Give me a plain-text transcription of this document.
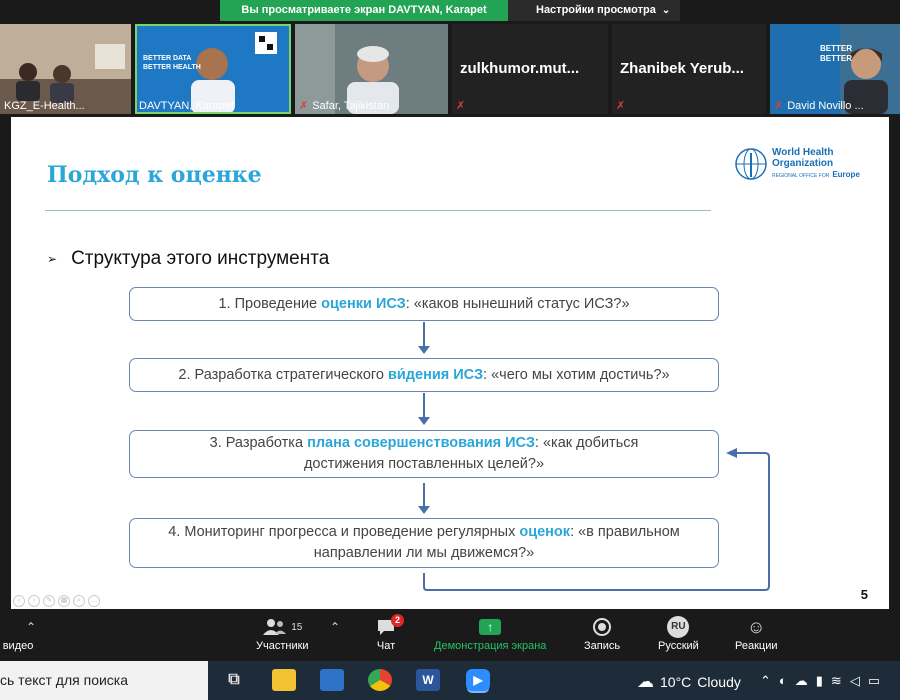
Вы просматриваете экран DAVTYAN, Karapet	Настройки просмотра ⌄
KGZ_E-Health...
BETTER DATA
BETTER HEALTH
DAVTYAN, Karapet	✗ Safar, Tajikistan
zulkhumor.mut...
✗
Zhanibek Yerub...
✗
BETTER
BETTER
✗ David Novillo ...
Подход к оценке
World Health
Organization
REGIONAL OFFICE FOR Europe
➢ Структура этого инструмента
1. Проведение оценки ИСЗ: «каков нынешний статус ИСЗ?»
2. Разработка стратегического ви́дения ИСЗ: «чего мы хотим достичь?»
3. Разработка плана совершенствования ИСЗ: «как добиться достижения поставленных целей?»
4. Мониторинг прогресса и проведение регулярных оценок: «в правильном направлении ли мы движемся?»
5
‹	›	✎	▦	⌕	…
⌃
видео
15
Участники
⌃	2
Чат
↑
Демонстрация экрана	Запись
RU
Русский
☺
Реакции
сь текст для поиска	⧉	W	▶	☁ 10°C Cloudy ⌃ ◐ ☁ ▮ ≋ ◁ ▭
